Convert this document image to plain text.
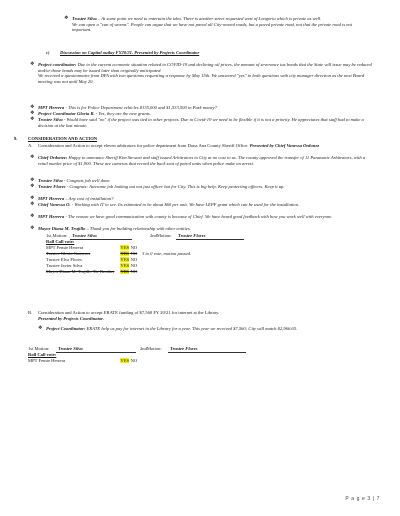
❖ Trustee Silva – At some point we need to entertain the idea. There is another street requested west of Longoria which is private as well.
We can open a "can of worms". People can argue that we have not paved all City-owned roads, but a paved private road, not that the private road is not important.
c) Discussion on Capital outlay FY20/21. Presented by Projects Coordinator
❖ Project coordinator: Due to the current economic situation related to COVID-19 and declining oil prices, the amount of severance tax bonds that the State will issue may be reduced and/or those bonds may be issued later than originally anticipated.
We received a questionnaire from DFA with two questions requesting a response by May 15th. We answered "yes" to both questions with city manager direction as the next Board meeting was not until May 20.
❖ MPT Herrera - This is for Police Department vehicles $135,000 and $1,533,500 in Park money?
❖ Project Coordinator Gloria R. - Yes, they are the new grants.
❖ Trustee Silva - Would have said "no" if the project was tied to other projects. Due to Covid-19 we need to be flexible if it is not a priority. He appreciates that staff had to make a decision at the last minute.
9. CONSIDERATION AND ACTION
A. Consideration and Action to accept eleven arbitrators for police department from Dona Ana County Sheriff Office. Presented by Chief Vanessa Ordonez
❖ Chief Ordonez: Happy to announce Sheriff Kim Stewart and staff issued Arbitrators to City at no cost to us. The county approved the transfer of 11 Panasonic Arbitrators, with a retail market price of $1,900. These are cameras that record the back seat of patrol units when police make an arrest.
❖ Trustee Silva - Congrats job well done.
❖ Trustee Flores - Congrats: Awesome job looking out not just officer but for City. This is big help. Keep protecting officers. Keep it up.
❖ MPT Herrera – Any cost of installation?
❖ Chief Vanessa O. - Working with IT to see. Its estimated to be about $60 per unit. We have LEPF grant which can be used for the installation.
❖ MPT Herrera - The reason we have good communication with county is because of Chief. We have heard good feedback with how you work well with everyone.
❖ Mayor Diana M. Trujillo – Thank you for building relationship with other entities.
1st Motion: Trustee Silva	2ndMotion: Trustee Flores
Roll Call vote:
MPT Femie Herrera	YES NO
Trustee Gloria Gameros	YES NO 3 to 0 vote, motion passed.
Trustee Elva Flores	YES NO
Trustee Javier Silva	YES NO
Mayor Diana M. Trujillo Tie Breaker YES NO
B. Consideration and Action to accept ERATE funding of $7,560 FY 20/21 for internet at the Library.
Presented by Projects Coordinator.
❖ Project Coordinator: ERATE help us pay for internet in the Library for a year. This year we received $7,560; City will match $2,966.65.
1st Motion: Trustee Silva	2ndMotion: Trustee Flores
Roll Call vote:
MPT Femie Herrera	YES NO
P a g e 3 | 7
